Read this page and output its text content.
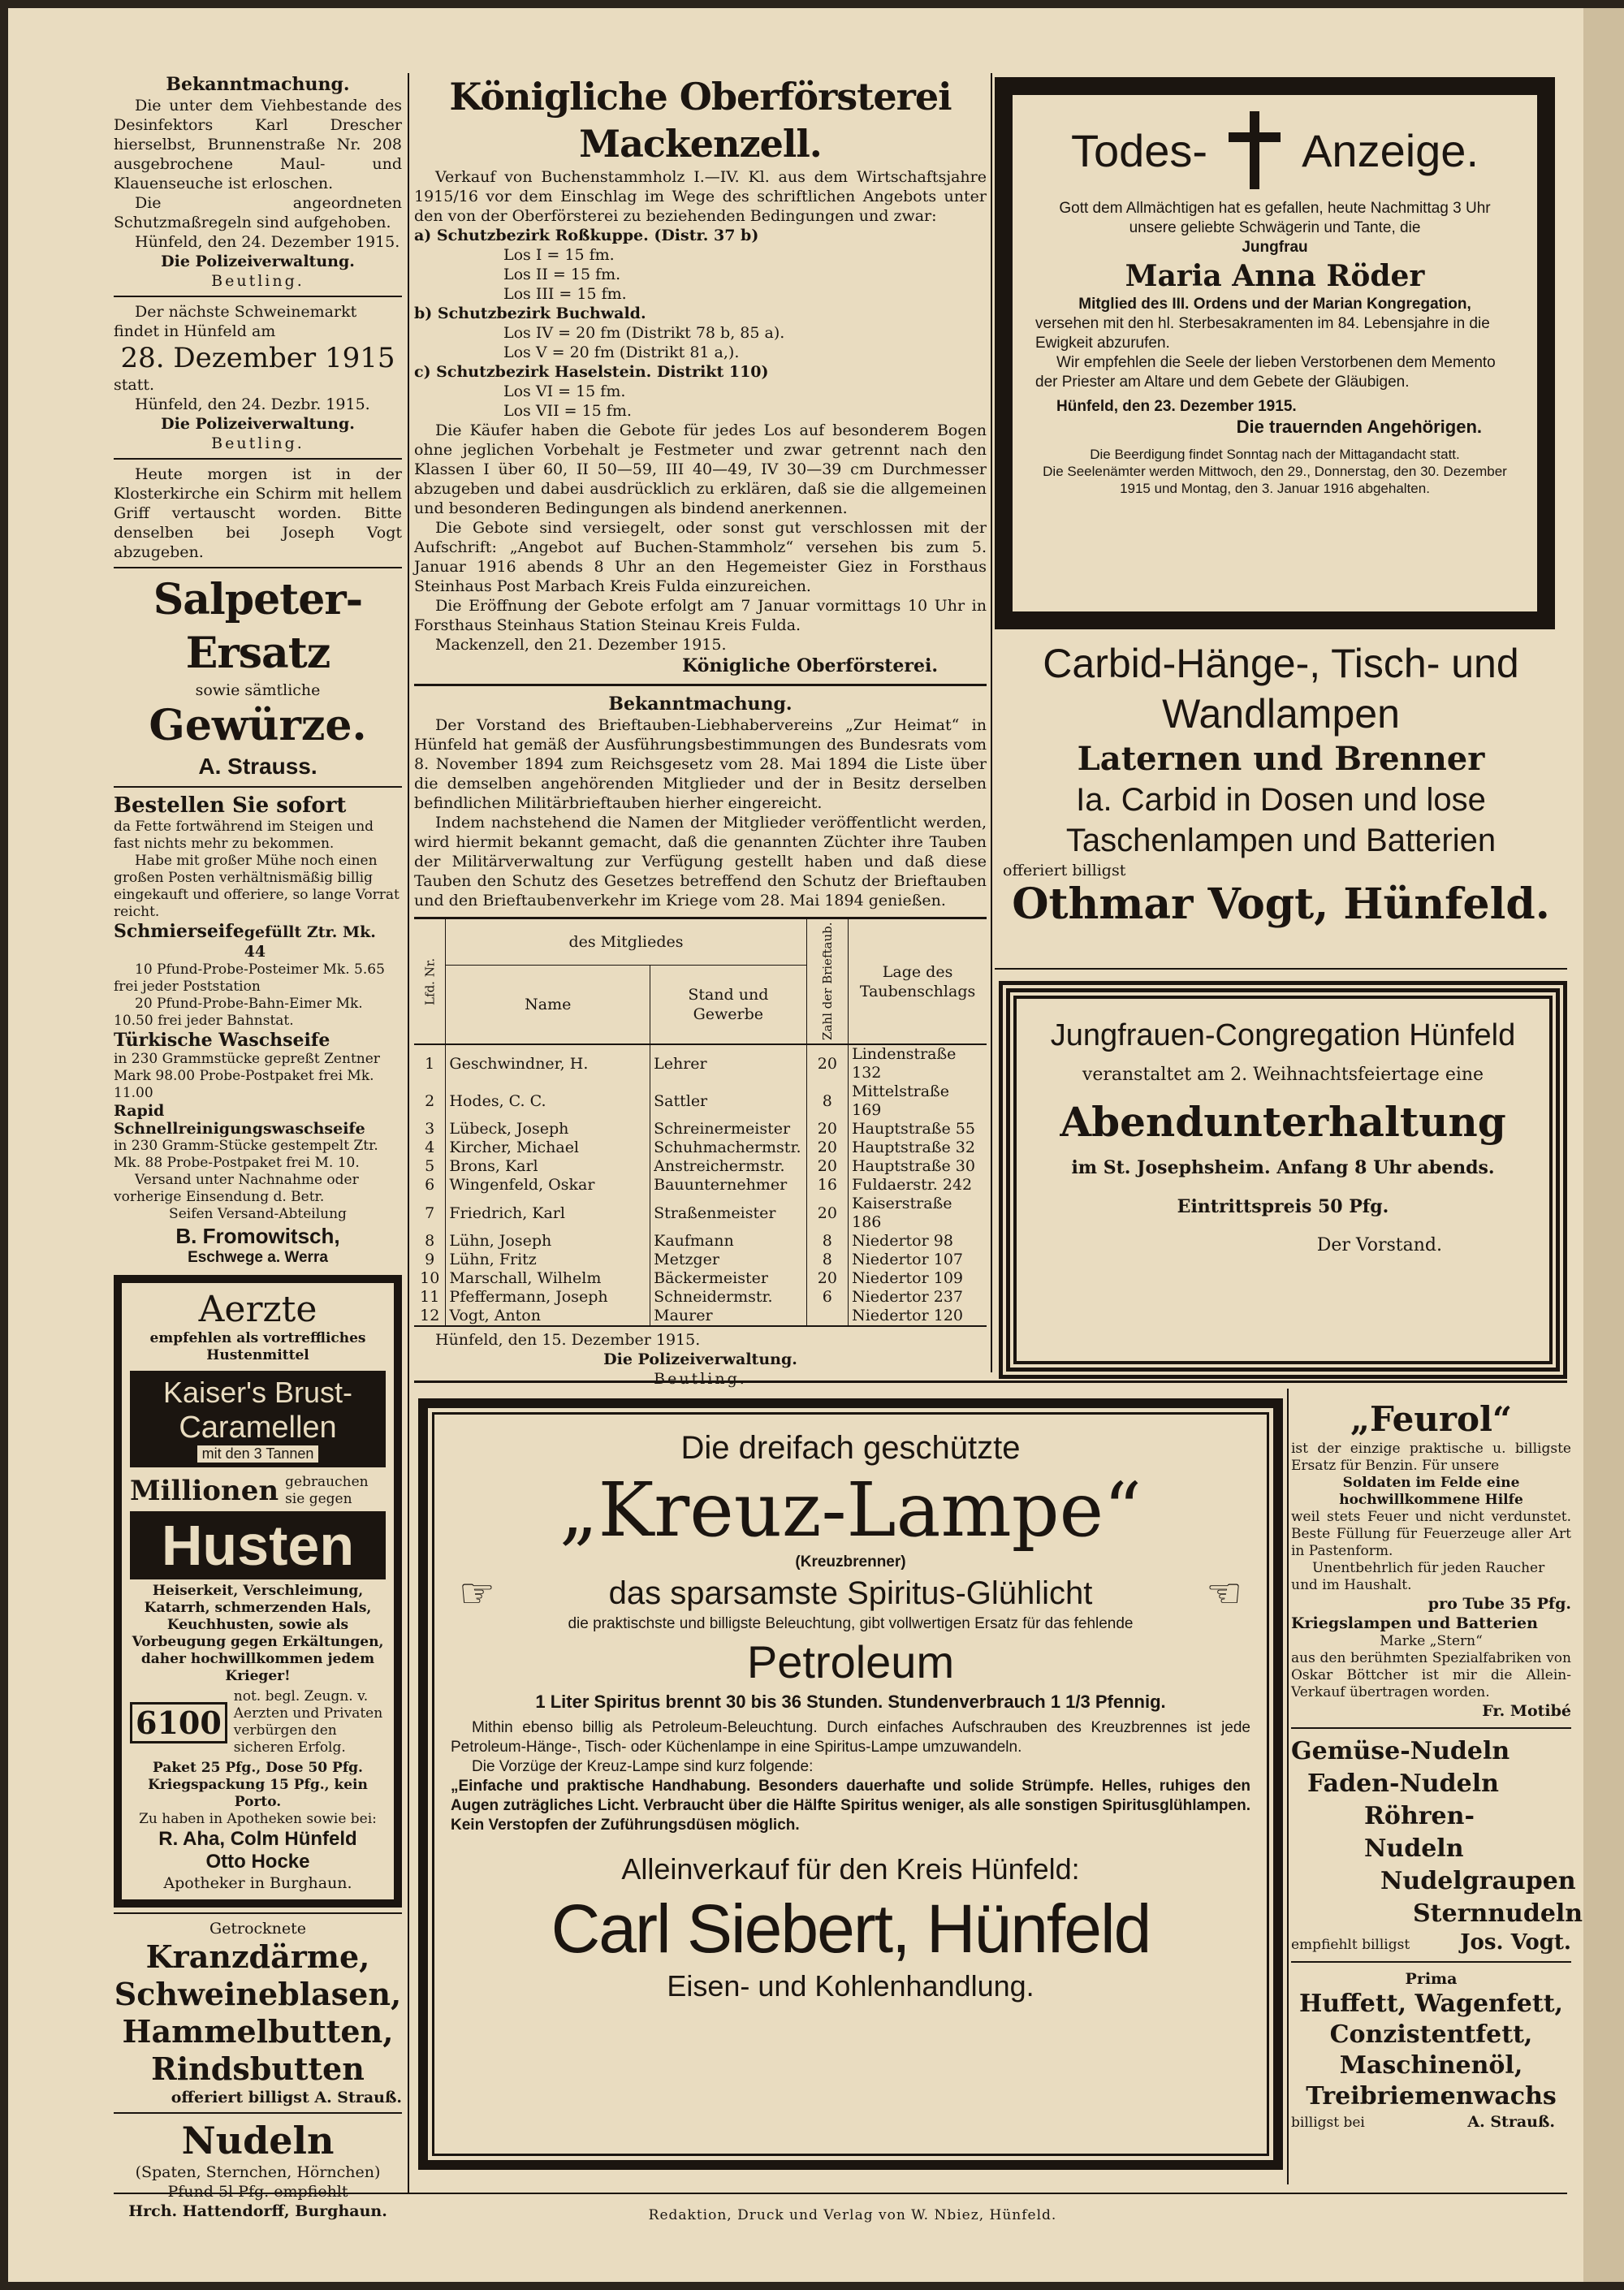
Bekanntmachung.

Die unter dem Viehbestande des Desinfektors Karl Drescher hierselbst, Brunnenstraße Nr. 208 ausgebrochene Maul- und Klauenseuche ist erloschen.

Die angeordneten Schutzmaßregeln sind aufgehoben.

Hünfeld, den 24. Dezember 1915.

Die Polizeiverwaltung.
Beutling.

Der nächste Schweinemarkt findet in Hünfeld am

28. Dezember 1915

statt.

Hünfeld, den 24. Dezbr. 1915.

Die Polizeiverwaltung.
Beutling.

Heute morgen ist in der Klosterkirche ein Schirm mit hellem Griff vertauscht worden. Bitte denselben bei Joseph Vogt abzugeben.

Salpeter-Ersatz
sowie sämtliche
Gewürze.
A. Strauss.
Bestellen Sie sofort

da Fette fortwährend im Steigen und fast nichts mehr zu bekommen.

Habe mit großer Mühe noch einen großen Posten verhältnismäßig billig eingekauft und offeriere, so lange Vorrat reicht.

Schmierseife gefüllt Ztr. Mk. 44

10 Pfund-Probe-Posteimer Mk. 5.65 frei jeder Poststation

20 Pfund-Probe-Bahn-Eimer Mk. 10.50 frei jeder Bahnstat.

Türkische Waschseife

in 230 Grammstücke gepreßt Zentner Mark 98.00 Probe-Postpaket frei Mk. 11.00

Rapid Schnellreinigungswaschseife

in 230 Gramm-Stücke gestempelt Ztr. Mk. 88 Probe-Postpaket frei M. 10.

Versand unter Nachnahme oder vorherige Einsendung d. Betr.

Seifen Versand-Abteilung
B. Fromowitsch,
Eschwege a. Werra
Aerzte
empfehlen als vortreffliches Hustenmittel
Kaiser's Brust-
Caramellen
mit den 3 Tannen
Millionen gebrauchen sie gegen
Husten

Heiserkeit, Verschleimung, Katarrh, schmerzenden Hals, Keuchhusten, sowie als Vorbeugung gegen Erkältungen, daher hochwillkommen jedem Krieger!

6100
not. begl. Zeugn. v. Aerzten und Privaten verbürgen den sicheren Erfolg.

Paket 25 Pfg., Dose 50 Pfg. Kriegspackung 15 Pfg., kein Porto.

Zu haben in Apotheken sowie bei:

R. Aha, Colm Hünfeld
Otto Hocke
Apotheker in Burghaun.
Getrocknete
Kranzdärme,
Schweineblasen,
Hammelbutten,
Rindsbutten
offeriert billigst A. Strauß.
Nudeln
(Spaten, Sternchen, Hörnchen)
Pfund 5l Pfg. empfiehlt
Hrch. Hattendorff, Burghaun.
Königliche Oberförsterei Mackenzell.

Verkauf von Buchenstammholz I.—IV. Kl. aus dem Wirtschaftsjahre 1915/16 vor dem Einschlag im Wege des schriftlichen Angebots unter den von der Oberförsterei zu beziehenden Bedingungen und zwar:

a) Schutzbezirk Roßkuppe. (Distr. 37 b)
Los I = 15 fm.
Los II = 15 fm.
Los III = 15 fm.
b) Schutzbezirk Buchwald.
Los IV = 20 fm (Distrikt 78 b, 85 a).
Los V = 20 fm (Distrikt 81 a,).
c) Schutzbezirk Haselstein. Distrikt 110)
Los VI = 15 fm.
Los VII = 15 fm.

Die Käufer haben die Gebote für jedes Los auf besonderem Bogen ohne jeglichen Vorbehalt je Festmeter und zwar getrennt nach den Klassen I über 60, II 50—59, III 40—49, IV 30—39 cm Durchmesser abzugeben und dabei ausdrücklich zu erklären, daß sie die allgemeinen und besonderen Bedingungen als bindend anerkennen.

Die Gebote sind versiegelt, oder sonst gut verschlossen mit der Aufschrift: „Angebot auf Buchen-Stammholz“ versehen bis zum 5. Januar 1916 abends 8 Uhr an den Hegemeister Giez in Forsthaus Steinhaus Post Marbach Kreis Fulda einzureichen.

Die Eröffnung der Gebote erfolgt am 7 Januar vormittags 10 Uhr in Forsthaus Steinhaus Station Steinau Kreis Fulda.

Mackenzell, den 21. Dezember 1915.

Königliche Oberförsterei.
Bekanntmachung.

Der Vorstand des Brieftauben-Liebhabervereins „Zur Heimat“ in Hünfeld hat gemäß der Ausführungsbestimmungen des Bundesrats vom 8. November 1894 zum Reichsgesetz vom 28. Mai 1894 die Liste über die demselben angehörenden Mitglieder und der in Besitz derselben befindlichen Militärbrieftauben hierher eingereicht.

Indem nachstehend die Namen der Mitglieder veröffentlicht werden, wird hiermit bekannt gemacht, daß die genannten Züchter ihre Tauben der Militärverwaltung zur Verfügung gestellt haben und daß diese Tauben den Schutz des Gesetzes betreffend den Schutz der Brieftauben und den Brieftaubenverkehr im Kriege vom 28. Mai 1894 genießen.

Lfd. Nr.	des Mitgliedes		Zahl der Brieftaub.	Lage des Taubenschlags
	Name	Stand und Gewerbe		
1	Geschwindner, H.	Lehrer	20	Lindenstraße 132
2	Hodes, C. C.	Sattler	8	Mittelstraße 169
3	Lübeck, Joseph	Schreinermeister	20	Hauptstraße 55
4	Kircher, Michael	Schuhmachermstr.	20	Hauptstraße 32
5	Brons, Karl	Anstreichermstr.	20	Hauptstraße 30
6	Wingenfeld, Oskar	Bauunternehmer	16	Fuldaerstr. 242
7	Friedrich, Karl	Straßenmeister	20	Kaiserstraße 186
8	Lühn, Joseph	Kaufmann	8	Niedertor 98
9	Lühn, Fritz	Metzger	8	Niedertor 107
10	Marschall, Wilhelm	Bäckermeister	20	Niedertor 109
11	Pfeffermann, Joseph	Schneidermstr.	6	Niedertor 237
12	Vogt, Anton	Maurer		Niedertor 120

Hünfeld, den 15. Dezember 1915.

Die Polizeiverwaltung.
Beutling.
Todes- Anzeige.

Gott dem Allmächtigen hat es gefallen, heute Nachmittag 3 Uhr unsere geliebte Schwägerin und Tante, die

Jungfrau
Maria Anna Röder
Mitglied des III. Ordens und der Marian Kongregation,

versehen mit den hl. Sterbesakramenten im 84. Lebensjahre in die Ewigkeit abzurufen.

Wir empfehlen die Seele der lieben Verstorbenen dem Memento der Priester am Altare und dem Gebete der Gläubigen.

Hünfeld, den 23. Dezember 1915.

Die trauernden Angehörigen.
Die Beerdigung findet Sonntag nach der Mittagandacht statt.
Die Seelenämter werden Mittwoch, den 29., Donnerstag, den 30. Dezember 1915 und Montag, den 3. Januar 1916 abgehalten.
Carbid-Hänge-, Tisch- und
Wandlampen
Laternen und Brenner
Ia. Carbid in Dosen und lose
Taschenlampen und Batterien
offeriert billigst
Othmar Vogt, Hünfeld.
Jungfrauen-Congregation Hünfeld
veranstaltet am 2. Weihnachtsfeiertage eine
Abendunterhaltung
im St. Josephsheim. Anfang 8 Uhr abends.
Eintrittspreis 50 Pfg.
Der Vorstand.
Die dreifach geschützte
„Kreuz-Lampe“
(Kreuzbrenner)
☞	das sparsamste Spiritus-Glühlicht	☜
die praktischste und billigste Beleuchtung, gibt vollwertigen Ersatz für das fehlende
Petroleum
1 Liter Spiritus brennt 30 bis 36 Stunden. Stundenverbrauch 1 1/3 Pfennig.

Mithin ebenso billig als Petroleum-Beleuchtung. Durch einfaches Aufschrauben des Kreuzbrennes ist jede Petroleum-Hänge-, Tisch- oder Küchenlampe in eine Spiritus-Lampe umzuwandeln.

Die Vorzüge der Kreuz-Lampe sind kurz folgende:

„Einfache und praktische Handhabung. Besonders dauerhafte und solide Strümpfe. Helles, ruhiges den Augen zuträgliches Licht. Verbraucht über die Hälfte Spiritus weniger, als alle sonstigen Spiritusglühlampen. Kein Verstopfen der Zuführungsdüsen möglich.

Alleinverkauf für den Kreis Hünfeld:
Carl Siebert, Hünfeld
Eisen- und Kohlenhandlung.
„Feurol“

ist der einzige praktische u. billigste Ersatz für Benzin. Für unsere

Soldaten im Felde eine hochwillkommene Hilfe

weil stets Feuer und nicht verdunstet. Beste Füllung für Feuerzeuge aller Art in Pastenform.

Unentbehrlich für jeden Raucher und im Haushalt.

pro Tube 35 Pfg.
Kriegslampen und Batterien
Marke „Stern“

aus den berühmten Spezialfabriken von Oskar Böttcher ist mir die Allein-Verkauf übertragen worden.

Fr. Motibé
Gemüse-Nudeln
Faden-Nudeln
Röhren-Nudeln
Nudelgraupen
Sternnudeln
empfiehlt billigst Jos. Vogt.
Prima
Huffett, Wagenfett,
Conzistentfett,
Maschinenöl,
Treibriemenwachs
billigst bei	A. Strauß.
Redaktion, Druck und Verlag von W. Nbiez, Hünfeld.
